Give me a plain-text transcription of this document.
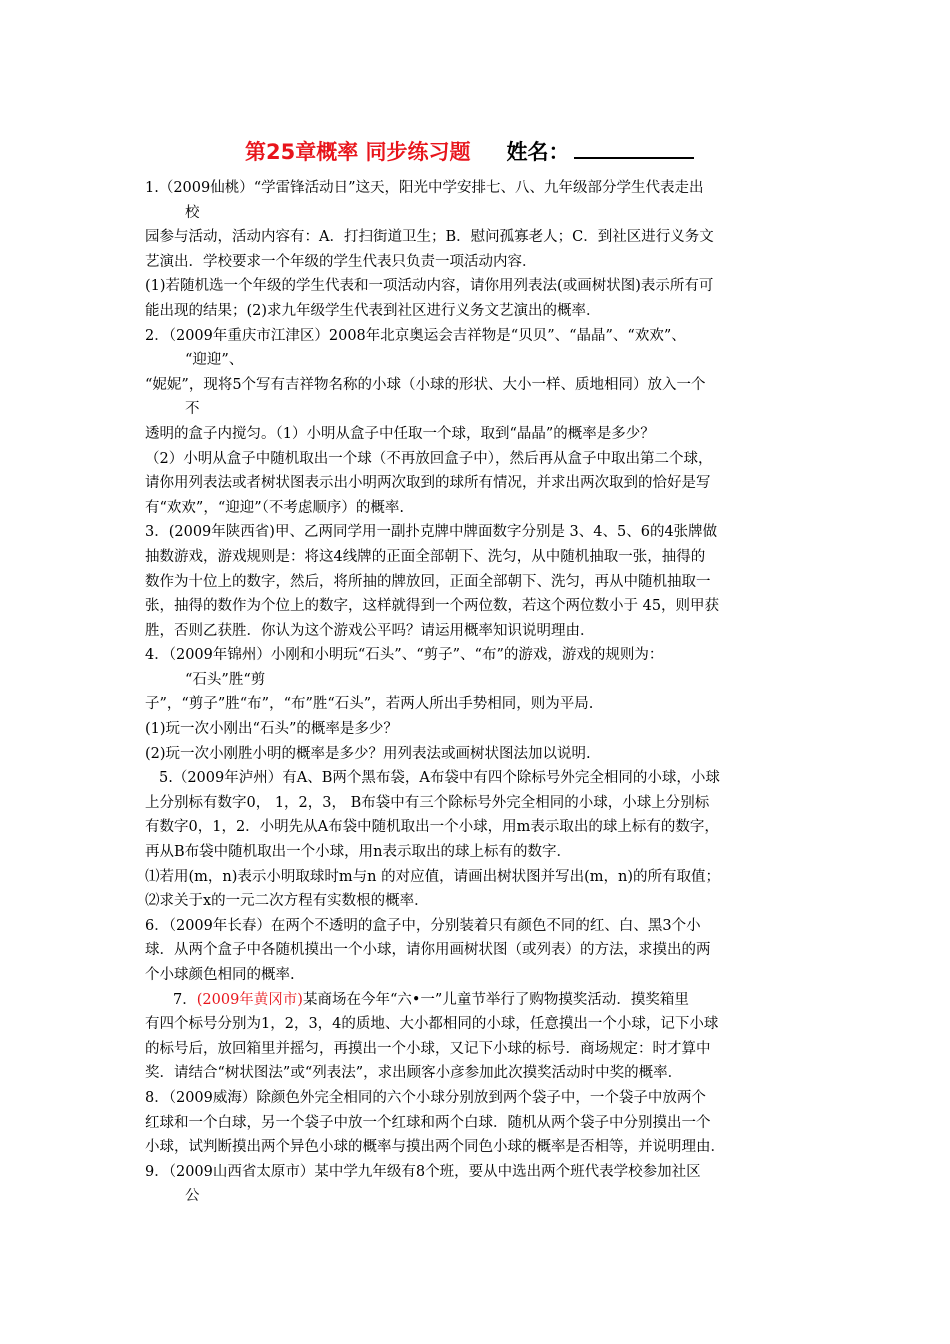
第25章概率 同步练习题 姓名：
1.（2009仙桃）“学雷锋活动日”这天，阳光中学安排七、八、九年级部分学生代表走出
校
园参与活动，活动内容有：A．打扫街道卫生；B．慰问孤寡老人；C．到社区进行义务文
艺演出．学校要求一个年级的学生代表只负责一项活动内容．
(1)若随机选一个年级的学生代表和一项活动内容，请你用列表法(或画树状图)表示所有可
能出现的结果；(2)求九年级学生代表到社区进行义务文艺演出的概率．
2．（2009年重庆市江津区）2008年北京奥运会吉祥物是“贝贝”、“晶晶”、“欢欢”、
“迎迎”、
“妮妮”，现将5个写有吉祥物名称的小球（小球的形状、大小一样、质地相同）放入一个
不
透明的盒子内搅匀。（1）小明从盒子中任取一个球，取到“晶晶”的概率是多少？
（2）小明从盒子中随机取出一个球（不再放回盒子中），然后再从盒子中取出第二个球，
请你用列表法或者树状图表示出小明两次取到的球所有情况，并求出两次取到的恰好是写
有“欢欢”，“迎迎”（不考虑顺序）的概率.
3．(2009年陕西省)甲、乙两同学用一副扑克牌中牌面数字分别是 3、4、5、6的4张牌做
抽数游戏，游戏规则是：将这4线牌的正面全部朝下、洗匀，从中随机抽取一张，抽得的
数作为十位上的数字，然后，将所抽的牌放回，正面全部朝下、洗匀，再从中随机抽取一
张，抽得的数作为个位上的数字，这样就得到一个两位数，若这个两位数小于 45，则甲获
胜，否则乙获胜．你认为这个游戏公平吗？请运用概率知识说明理由．
4．（2009年锦州）小刚和小明玩“石头”、“剪子”、“布”的游戏，游戏的规则为：
“石头”胜“剪
子”，“剪子”胜“布”，“布”胜“石头”，若两人所出手势相同，则为平局.
(1)玩一次小刚出“石头”的概率是多少？
(2)玩一次小刚胜小明的概率是多少？用列表法或画树状图法加以说明.
5.（2009年泸州）有A、B两个黑布袋，A布袋中有四个除标号外完全相同的小球，小球
上分别标有数字0， 1，2，3， B布袋中有三个除标号外完全相同的小球，小球上分别标
有数字0，1，2．小明先从A布袋中随机取出一个小球，用m表示取出的球上标有的数字，
再从B布袋中随机取出一个小球，用n表示取出的球上标有的数字．
⑴若用(m，n)表示小明取球时m与n 的对应值，请画出树状图并写出(m，n)的所有取值；
⑵求关于x的一元二次方程有实数根的概率．
6．（2009年长春）在两个不透明的盒子中，分别装着只有颜色不同的红、白、黑3个小
球．从两个盒子中各随机摸出一个小球，请你用画树状图（或列表）的方法，求摸出的两
个小球颜色相同的概率.
7．(2009年黄冈市)某商场在今年“六•一”儿童节举行了购物摸奖活动．摸奖箱里
有四个标号分别为1，2，3，4的质地、大小都相同的小球，任意摸出一个小球，记下小球
的标号后，放回箱里并摇匀，再摸出一个小球，又记下小球的标号．商场规定：时才算中
奖．请结合“树状图法”或“列表法”，求出顾客小彦参加此次摸奖活动时中奖的概率．
8．（2009威海）除颜色外完全相同的六个小球分别放到两个袋子中，一个袋子中放两个
红球和一个白球，另一个袋子中放一个红球和两个白球．随机从两个袋子中分别摸出一个
小球，试判断摸出两个异色小球的概率与摸出两个同色小球的概率是否相等，并说明理由．
9．（2009山西省太原市）某中学九年级有8个班，要从中选出两个班代表学校参加社区
公
